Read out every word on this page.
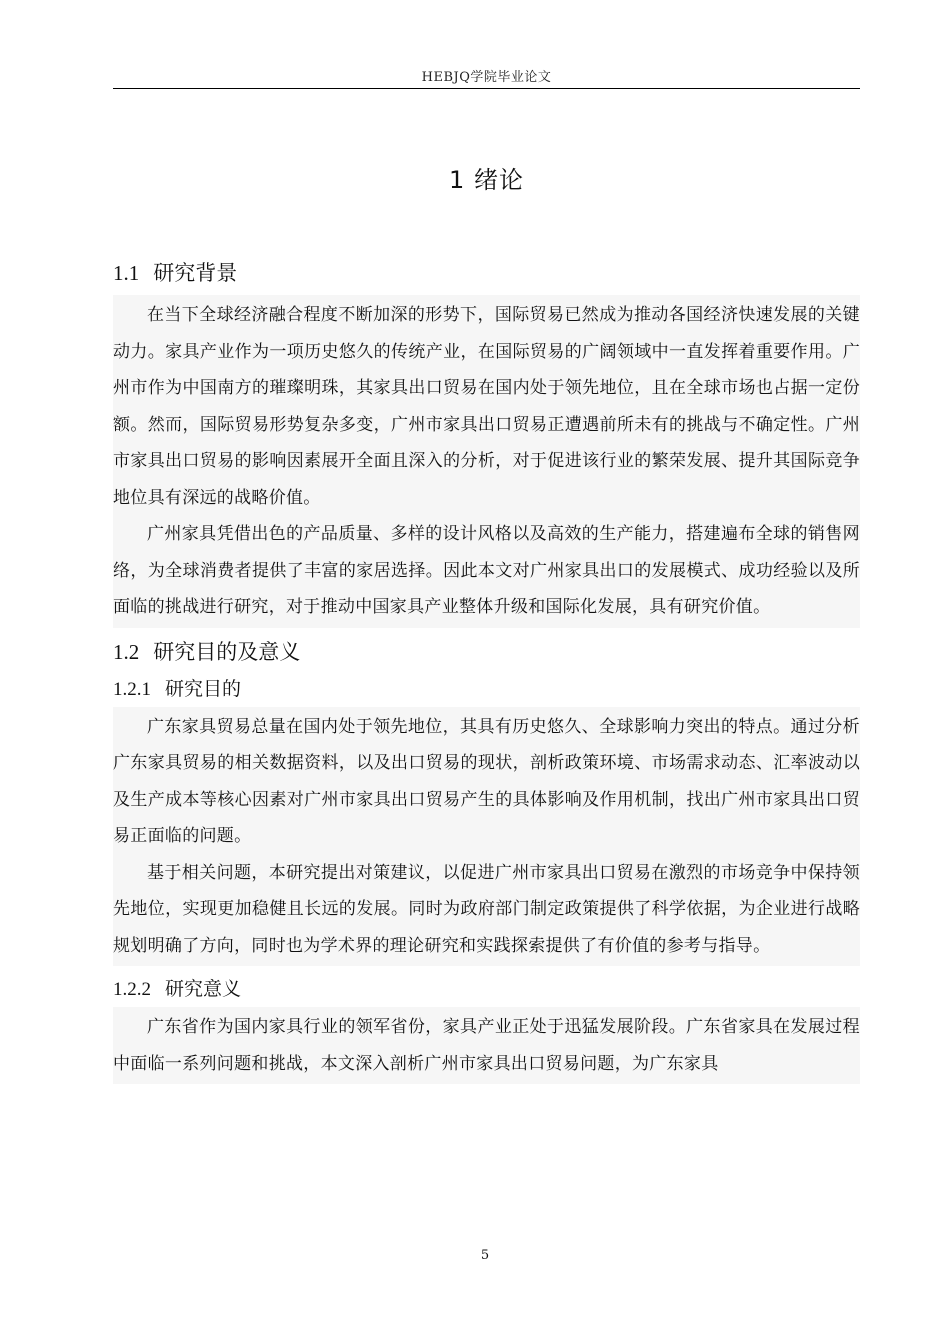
HEBJQ学院毕业论文
1 绪论
1.1 研究背景

在当下全球经济融合程度不断加深的形势下，国际贸易已然成为推动各国经济快速发展的关键动力。家具产业作为一项历史悠久的传统产业，在国际贸易的广阔领域中一直发挥着重要作用。广州市作为中国南方的璀璨明珠，其家具出口贸易在国内处于领先地位，且在全球市场也占据一定份额。然而，国际贸易形势复杂多变，广州市家具出口贸易正遭遇前所未有的挑战与不确定性。广州市家具出口贸易的影响因素展开全面且深入的分析，对于促进该行业的繁荣发展、提升其国际竞争地位具有深远的战略价值。

广州家具凭借出色的产品质量、多样的设计风格以及高效的生产能力，搭建遍布全球的销售网络，为全球消费者提供了丰富的家居选择。因此本文对广州家具出口的发展模式、成功经验以及所面临的挑战进行研究，对于推动中国家具产业整体升级和国际化发展，具有研究价值。

1.2 研究目的及意义
1.2.1 研究目的

广东家具贸易总量在国内处于领先地位，其具有历史悠久、全球影响力突出的特点。通过分析广东家具贸易的相关数据资料，以及出口贸易的现状，剖析政策环境、市场需求动态、汇率波动以及生产成本等核心因素对广州市家具出口贸易产生的具体影响及作用机制，找出广州市家具出口贸易正面临的问题。

基于相关问题，本研究提出对策建议，以促进广州市家具出口贸易在激烈的市场竞争中保持领先地位，实现更加稳健且长远的发展。同时为政府部门制定政策提供了科学依据，为企业进行战略规划明确了方向，同时也为学术界的理论研究和实践探索提供了有价值的参考与指导。

1.2.2 研究意义

广东省作为国内家具行业的领军省份，家具产业正处于迅猛发展阶段。广东省家具在发展过程中面临一系列问题和挑战，本文深入剖析广州市家具出口贸易问题，为广东家具

5
